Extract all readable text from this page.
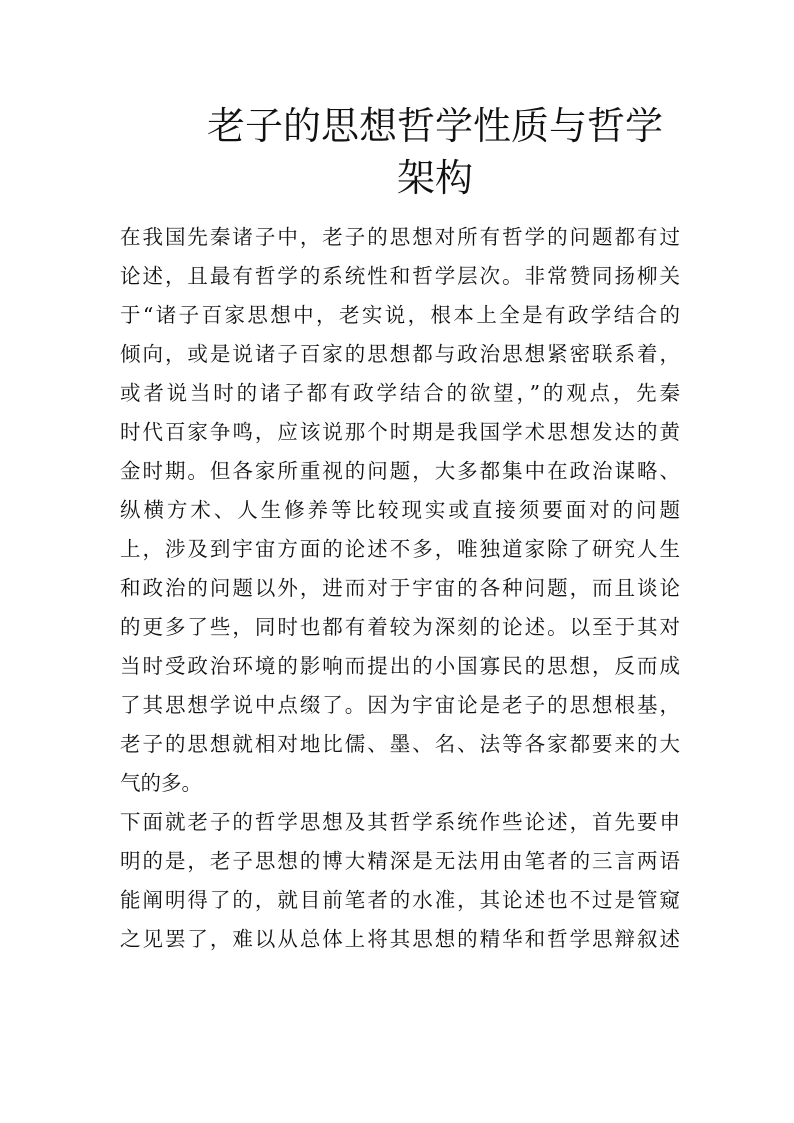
老子的思想哲学性质与哲学
架构
在我国先秦诸子中，老子的思想对所有哲学的问题都有过
论述，且最有哲学的系统性和哲学层次。非常赞同扬柳关
于“诸子百家思想中，老实说，根本上全是有政学结合的
倾向，或是说诸子百家的思想都与政治思想紧密联系着，
或者说当时的诸子都有政学结合的欲望，”的观点，先秦
时代百家争鸣，应该说那个时期是我国学术思想发达的黄
金时期。但各家所重视的问题，大多都集中在政治谋略、
纵横方术、人生修养等比较现实或直接须要面对的问题
上，涉及到宇宙方面的论述不多，唯独道家除了研究人生
和政治的问题以外，进而对于宇宙的各种问题，而且谈论
的更多了些，同时也都有着较为深刻的论述。以至于其对
当时受政治环境的影响而提出的小国寡民的思想，反而成
了其思想学说中点缀了。因为宇宙论是老子的思想根基，
老子的思想就相对地比儒、墨、名、法等各家都要来的大
气的多。
下面就老子的哲学思想及其哲学系统作些论述，首先要申
明的是，老子思想的博大精深是无法用由笔者的三言两语
能阐明得了的，就目前笔者的水准，其论述也不过是管窥
之见罢了，难以从总体上将其思想的精华和哲学思辩叙述
